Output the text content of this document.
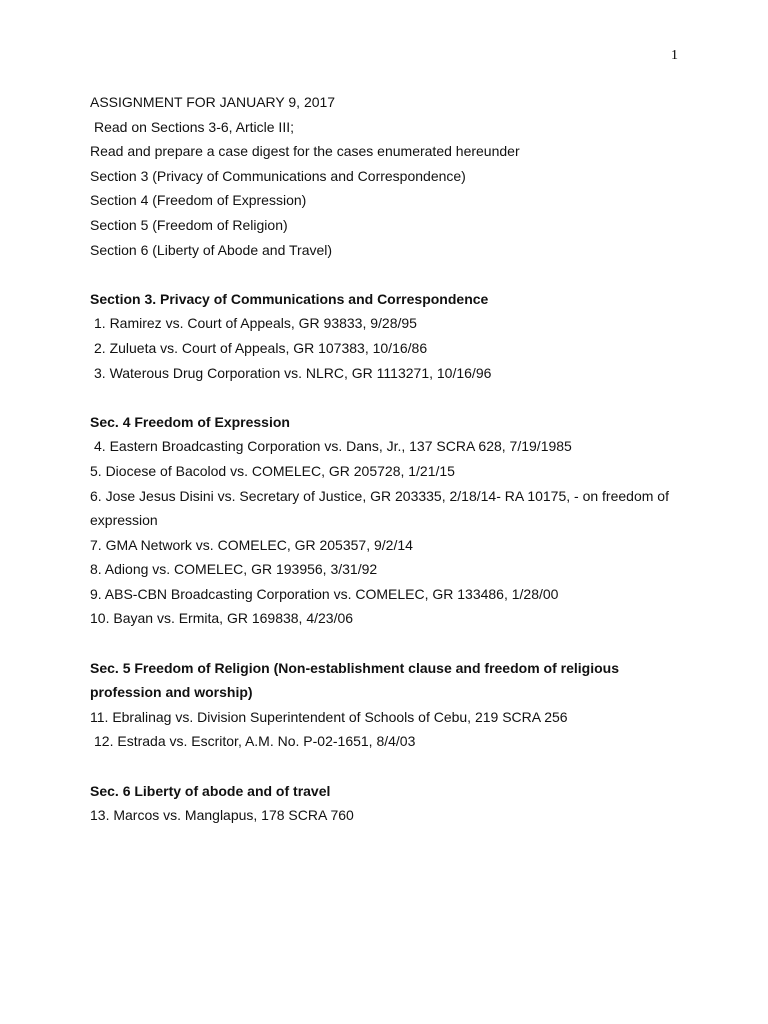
1
ASSIGNMENT FOR JANUARY 9, 2017
Read on Sections 3-6, Article III;
Read and prepare a case digest for the cases enumerated hereunder
Section 3 (Privacy of Communications and Correspondence)
Section 4 (Freedom of Expression)
Section 5 (Freedom of Religion)
Section 6 (Liberty of Abode and Travel)
Section 3. Privacy of Communications and Correspondence
1. Ramirez vs. Court of Appeals, GR 93833, 9/28/95
2. Zulueta vs. Court of Appeals, GR 107383, 10/16/86
3. Waterous Drug Corporation vs. NLRC, GR 1113271, 10/16/96
Sec. 4 Freedom of Expression
4. Eastern Broadcasting Corporation vs. Dans, Jr., 137 SCRA 628, 7/19/1985
5. Diocese of Bacolod vs. COMELEC, GR 205728, 1/21/15
6. Jose Jesus Disini vs. Secretary of Justice, GR 203335, 2/18/14- RA 10175, - on freedom of expression
7. GMA Network vs. COMELEC, GR 205357, 9/2/14
8. Adiong vs. COMELEC, GR 193956, 3/31/92
9. ABS-CBN Broadcasting Corporation vs. COMELEC, GR 133486, 1/28/00
10. Bayan vs. Ermita, GR 169838, 4/23/06
Sec. 5 Freedom of Religion (Non-establishment clause and freedom of religious profession and worship)
11. Ebralinag vs. Division Superintendent of Schools of Cebu, 219 SCRA 256
12. Estrada vs. Escritor, A.M. No. P-02-1651, 8/4/03
Sec. 6 Liberty of abode and of travel
13. Marcos vs. Manglapus, 178 SCRA 760
